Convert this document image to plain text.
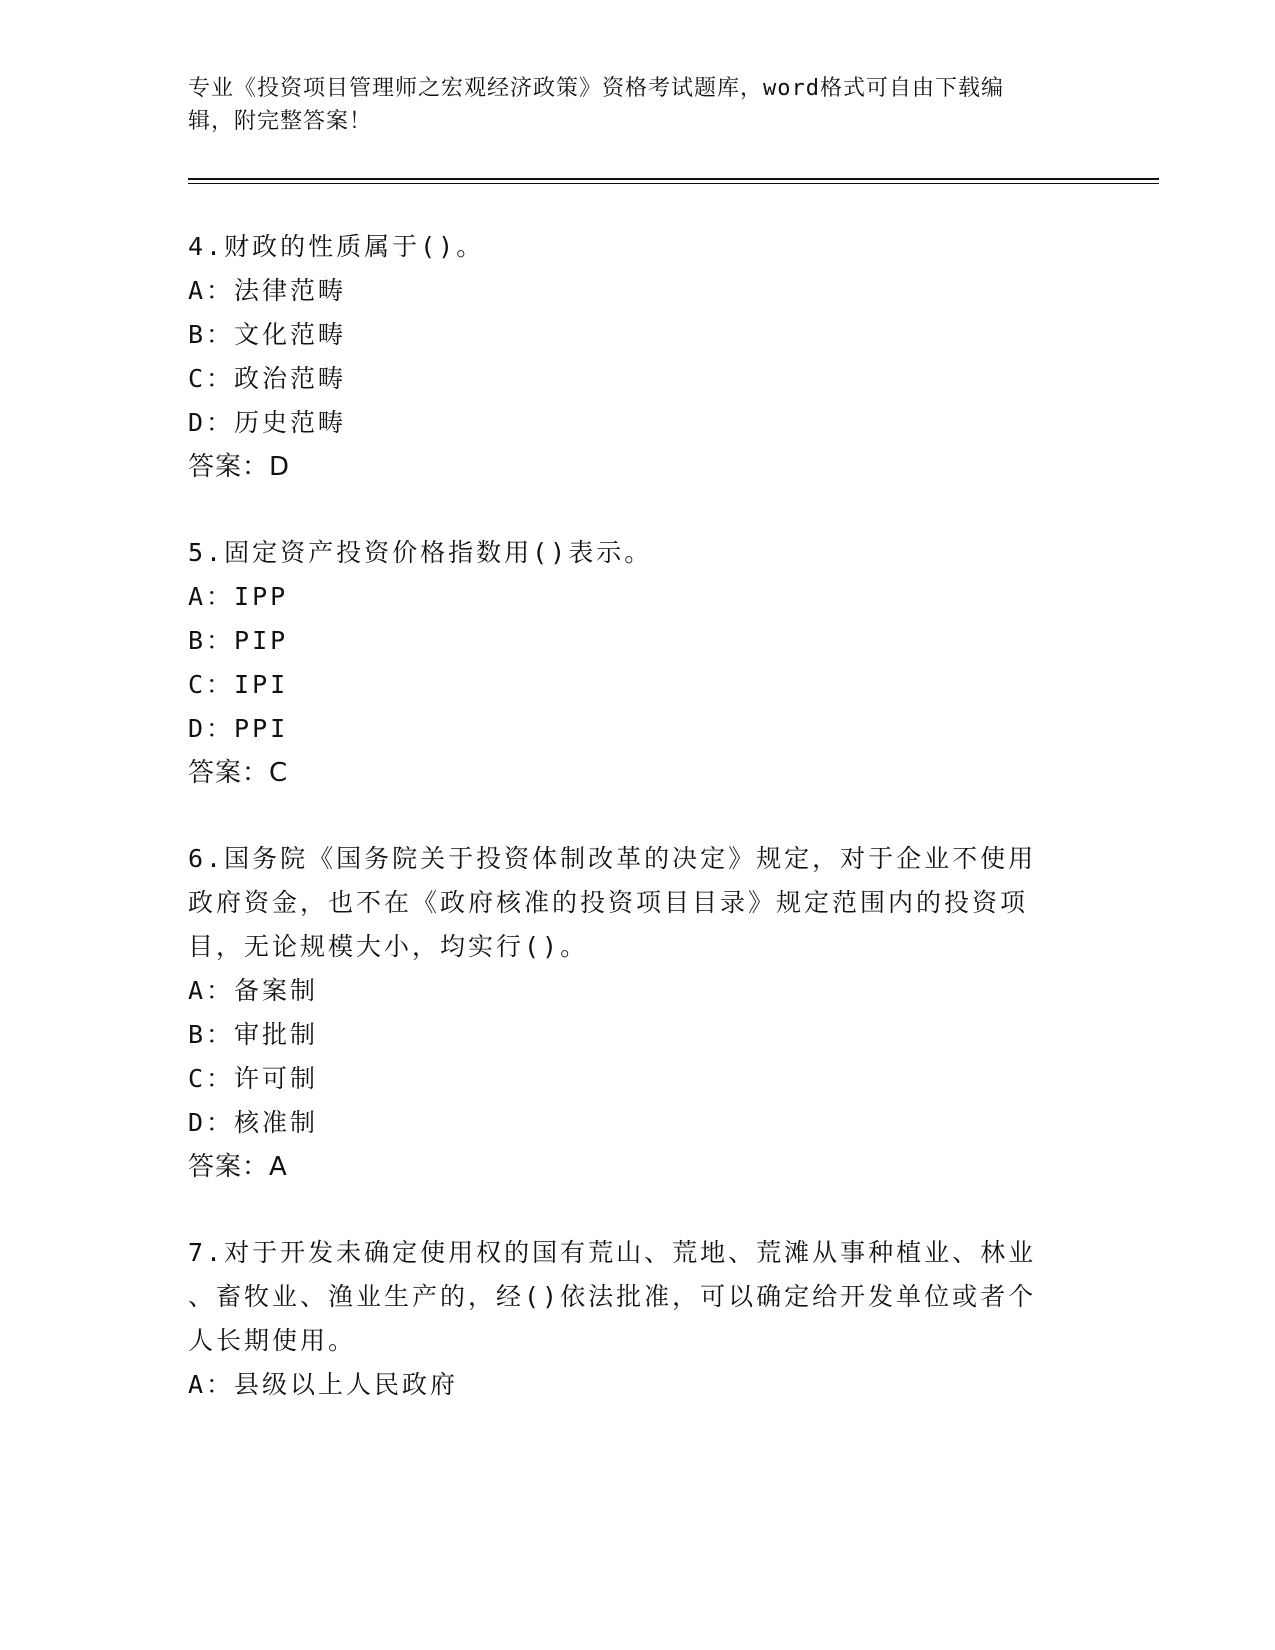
专业《投资项目管理师之宏观经济政策》资格考试题库，word格式可自由下载编
辑，附完整答案！
4.财政的性质属于()。
A：法律范畴
B：文化范畴
C：政治范畴
D：历史范畴
答案：D
5.固定资产投资价格指数用()表示。
A：IPP
B：PIP
C：IPI
D：PPI
答案：C
6.国务院《国务院关于投资体制改革的决定》规定，对于企业不使用
政府资金，也不在《政府核准的投资项目目录》规定范围内的投资项
目，无论规模大小，均实行()。
A：备案制
B：审批制
C：许可制
D：核准制
答案：A
7.对于开发未确定使用权的国有荒山、荒地、荒滩从事种植业、林业
、畜牧业、渔业生产的，经()依法批准，可以确定给开发单位或者个
人长期使用。
A：县级以上人民政府
